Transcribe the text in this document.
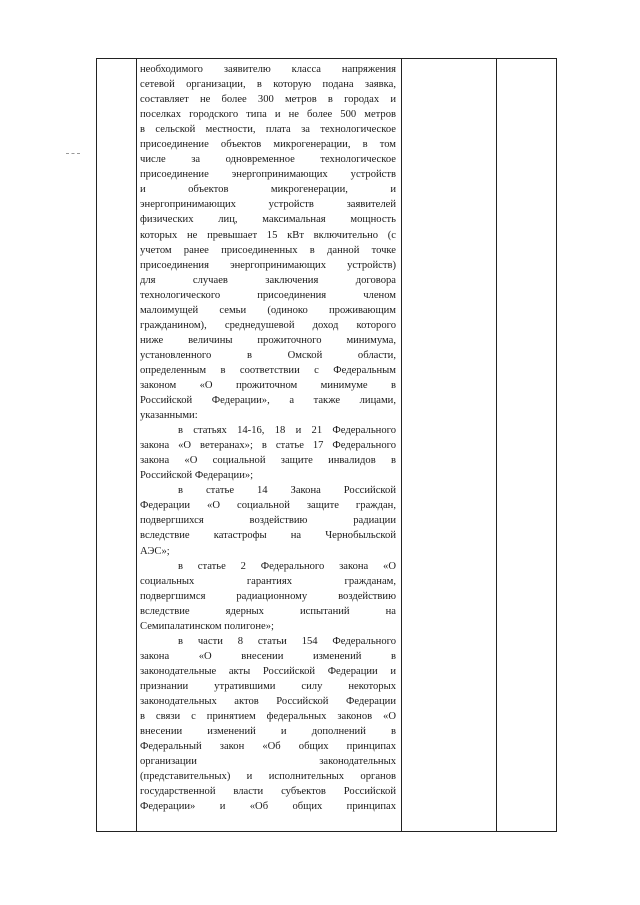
необходимого заявителю класса напряжения
сетевой организации, в которую подана заявка,
составляет не более 300 метров в городах и
поселках городского типа и не более 500 метров
в сельской местности, плата за технологическое
присоединение объектов микрогенерации, в том
числе за одновременное технологическое
присоединение энергопринимающих устройств
и объектов микрогенерации, и
энергопринимающих устройств заявителей
физических лиц, максимальная мощность
которых не превышает 15 кВт включительно (с
учетом ранее присоединенных в данной точке
присоединения энергопринимающих устройств)
для случаев заключения договора
технологического присоединения членом
малоимущей семьи (одиноко проживающим
гражданином), среднедушевой доход которого
ниже величины прожиточного минимума,
установленного в Омской области,
определенным в соответствии с Федеральным
законом «О прожиточном минимуме в
Российской Федерации», а также лицами,
указанными:
в статьях 14-16, 18 и 21 Федерального
закона «О ветеранах»; в статье 17 Федерального
закона «О социальной защите инвалидов в
Российской Федерации»;
в статье 14 Закона Российской
Федерации «О социальной защите граждан,
подвергшихся воздействию радиации
вследствие катастрофы на Чернобыльской
АЭС»;
в статье 2 Федерального закона «О
социальных гарантиях гражданам,
подвергшимся радиационному воздействию
вследствие ядерных испытаний на
Семипалатинском полигоне»;
в части 8 статьи 154 Федерального
закона «О внесении изменений в
законодательные акты Российской Федерации и
признании утратившими силу некоторых
законодательных актов Российской Федерации
в связи с принятием федеральных законов «О
внесении изменений и дополнений в
Федеральный закон «Об общих принципах
организации законодательных
(представительных) и исполнительных органов
государственной власти субъектов Российской
Федерации» и «Об общих принципах
